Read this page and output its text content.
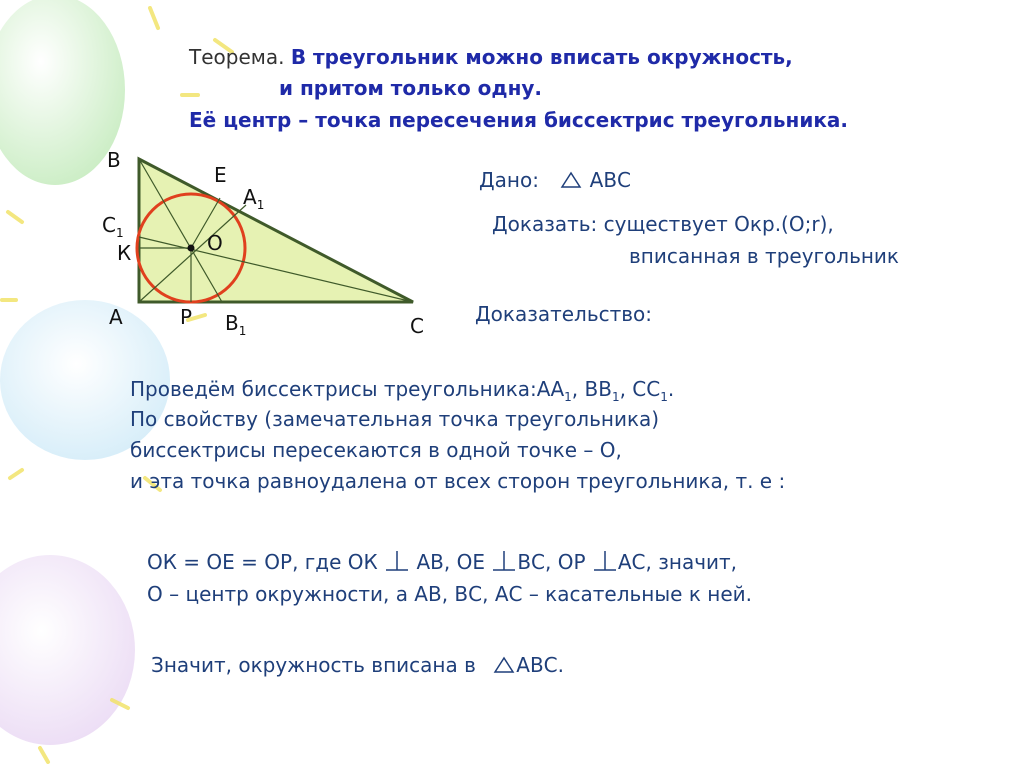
Теорема. В треугольник можно вписать окружность,
и притом только одну.
Её центр – точка пересечения биссектрис треугольника.
В
Е
$А_1$
$С_1$	О
К
А	Р $В_1$	С
Дано:	АВС
Доказать: существует Окр.(О;r),
вписанная в треугольник
Доказательство:
Проведём биссектрисы $треугольника:АА_1$, $ВВ_1$, $СС_1$.
По свойству (замечательная точка треугольника)
биссектрисы пересекаются в одной точке – О,
и эта точка равноудалена от всех сторон треугольника, т. е :
ОК = ОЕ = ОР, где ОК АВ, ОЕ ВС, ОР АС, значит,
О – центр окружности, а АВ, ВС, АС – касательные к ней.
Значит, окружность вписана в АВС.
